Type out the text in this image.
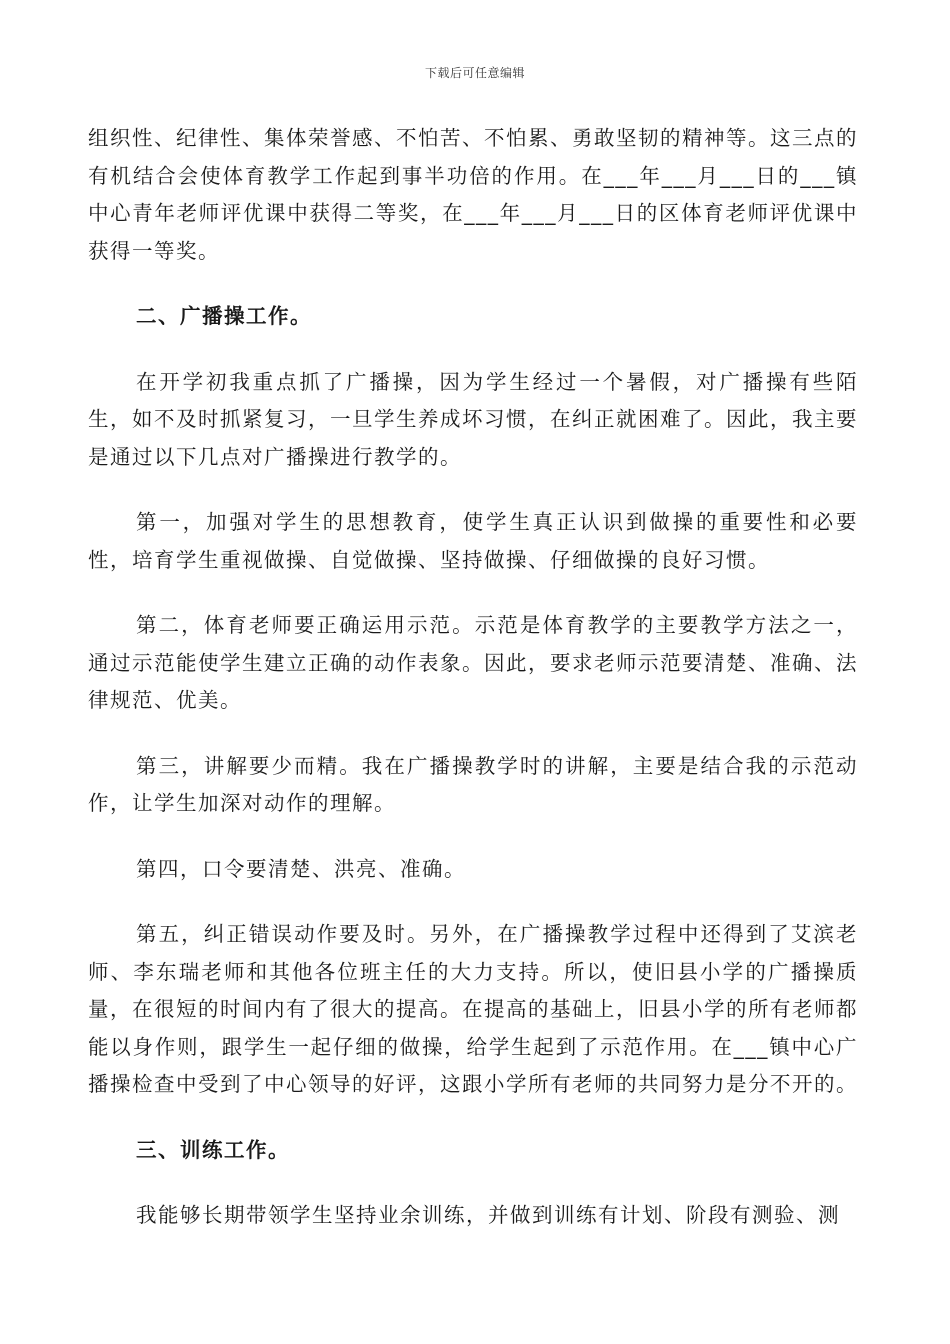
下载后可任意编辑

组织性、纪律性、集体荣誉感、不怕苦、不怕累、勇敢坚韧的精神等。这三点的有机结合会使体育教学工作起到事半功倍的作用。在___年___月___日的___镇中心青年老师评优课中获得二等奖，在___年___月___日的区体育老师评优课中获得一等奖。

二、广播操工作。

在开学初我重点抓了广播操，因为学生经过一个暑假，对广播操有些陌生，如不及时抓紧复习，一旦学生养成坏习惯，在纠正就困难了。因此，我主要是通过以下几点对广播操进行教学的。

第一，加强对学生的思想教育，使学生真正认识到做操的重要性和必要性，培育学生重视做操、自觉做操、坚持做操、仔细做操的良好习惯。

第二，体育老师要正确运用示范。示范是体育教学的主要教学方法之一，通过示范能使学生建立正确的动作表象。因此，要求老师示范要清楚、准确、法律规范、优美。

第三，讲解要少而精。我在广播操教学时的讲解，主要是结合我的示范动作，让学生加深对动作的理解。

第四，口令要清楚、洪亮、准确。

第五，纠正错误动作要及时。另外，在广播操教学过程中还得到了艾滨老师、李东瑞老师和其他各位班主任的大力支持。所以，使旧县小学的广播操质量，在很短的时间内有了很大的提高。在提高的基础上，旧县小学的所有老师都能以身作则，跟学生一起仔细的做操，给学生起到了示范作用。在___镇中心广播操检查中受到了中心领导的好评，这跟小学所有老师的共同努力是分不开的。

三、训练工作。

我能够长期带领学生坚持业余训练，并做到训练有计划、阶段有测验、测
